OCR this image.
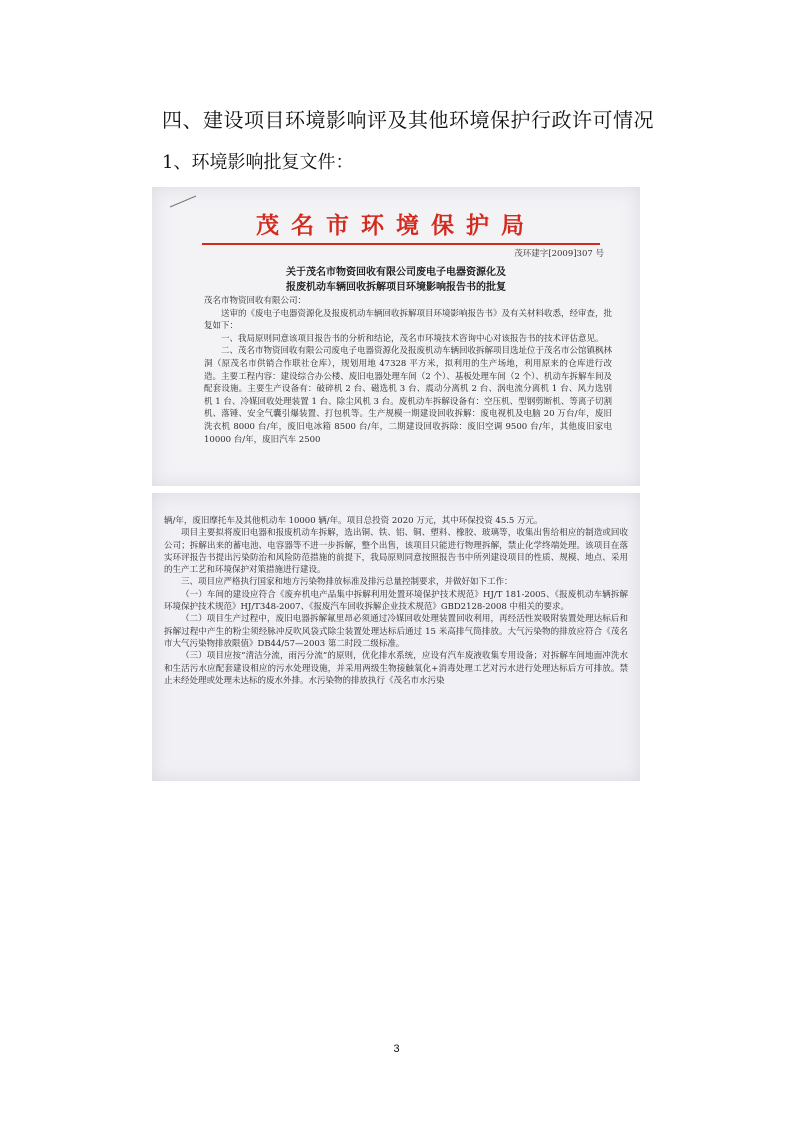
四、建设项目环境影响评及其他环境保护行政许可情况
1、环境影响批复文件：
茂名市环境保护局
茂环建字[2009]307 号
关于茂名市物资回收有限公司废电子电器资源化及
报废机动车辆回收拆解项目环境影响报告书的批复

茂名市物资回收有限公司：

送审的《废电子电器资源化及报废机动车辆回收拆解项目环境影响报告书》及有关材料收悉，经审查，批复如下：

一、我局原则同意该项目报告书的分析和结论，茂名市环境技术咨询中心对该报告书的技术评估意见。

二、茂名市物资回收有限公司废电子电器资源化及报废机动车辆回收拆解项目选址位于茂名市公馆镇枫林洞（原茂名市供销合作联社仓库），规划用地 47328 平方米，拟利用的生产场地，利用原来的仓库进行改造。主要工程内容：建设综合办公楼、废旧电器处理车间（2 个）、基板处理车间（2 个）、机动车拆解车间及配套设施。主要生产设备有：破碎机 2 台、磁选机 3 台、震动分离机 2 台、涡电流分离机 1 台、风力选别机 1 台、冷媒回收处理装置 1 台、除尘风机 3 台。废机动车拆解设备有：空压机、型钢剪断机、等离子切割机、落锤、安全气囊引爆装置、打包机等。生产规模一期建设回收拆解：废电视机及电脑 20 万台/年，废旧洗衣机 8000 台/年，废旧电冰箱 8500 台/年，二期建设回收拆除：废旧空调 9500 台/年，其他废旧家电 10000 台/年，废旧汽车 2500

辆/年，废旧摩托车及其他机动车 10000 辆/年。项目总投资 2020 万元，其中环保投资 45.5 万元。

项目主要拟将废旧电器和报废机动车拆解，选出铜、铁、铝、铜、塑料、橡胶、玻璃等，收集出售给相应的制造或回收公司；拆解出来的蓄电池、电容器等不进一步拆解，整个出售，该项目只能进行物理拆解，禁止化学终端处理。该项目在落实环评报告书提出污染防治和风险防范措施的前提下，我局原则同意按照报告书中所列建设项目的性质、规模、地点、采用的生产工艺和环境保护对策措施进行建设。

三、项目应严格执行国家和地方污染物排放标准及排污总量控制要求，并做好如下工作：

（一）车间的建设应符合《废弃机电产品集中拆解利用处置环境保护技术规范》HJ/T 181-2005、《报废机动车辆拆解环境保护技术规范》HJ/T348-2007、《报废汽车回收拆解企业技术规范》GBD2128-2008 中相关的要求。

（二）项目生产过程中，废旧电器拆解氟里昂必须通过冷媒回收处理装置回收利用，再经活性炭吸附装置处理达标后和拆解过程中产生的粉尘须经脉冲反吹风袋式除尘装置处理达标后通过 15 米高排气筒排放。大气污染物的排放应符合《茂名市大气污染物排放限值》DB44/57—2003 第二时段二级标准。

（三）项目应按“清洁分流，雨污分流”的原则，优化排水系统，应设有汽车废液收集专用设备；对拆解车间地面冲洗水和生活污水应配套建设相应的污水处理设施，并采用两级生物接触氧化+消毒处理工艺对污水进行处理达标后方可排放。禁止未经处理或处理未达标的废水外排。水污染物的排放执行《茂名市水污染

3
